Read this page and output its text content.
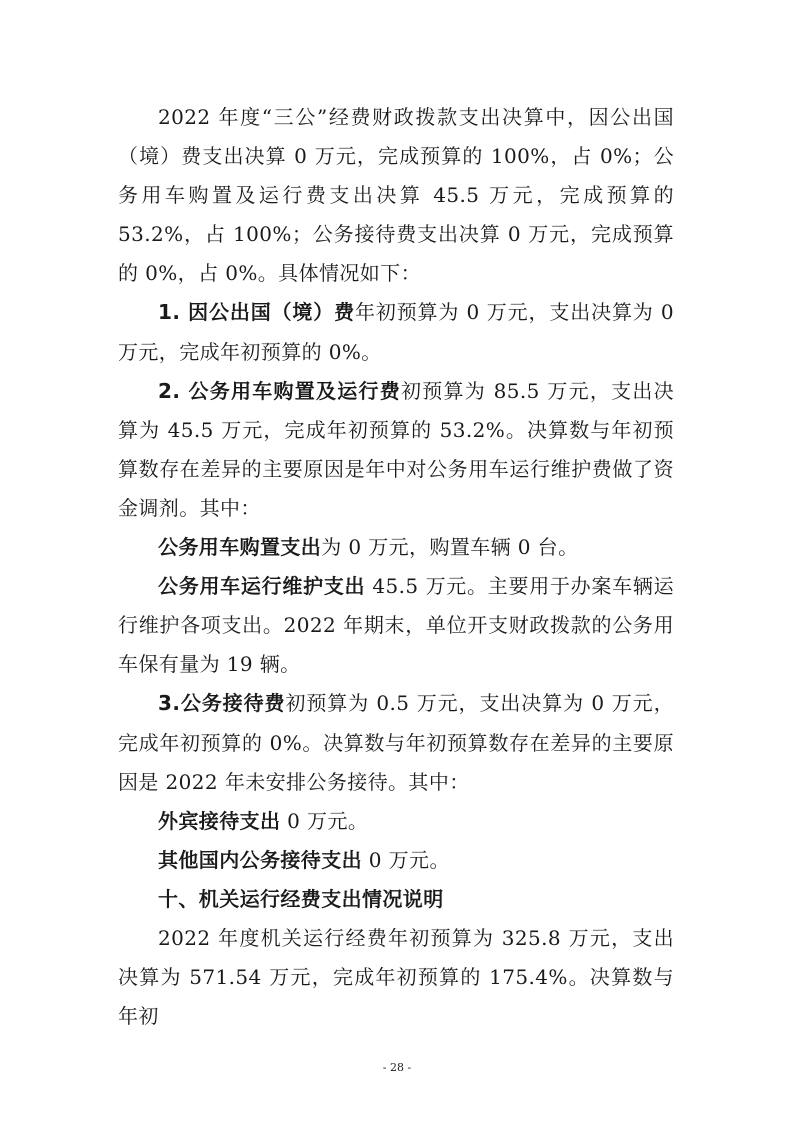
2022 年度“三公”经费财政拨款支出决算中，因公出国（境）费支出决算 0 万元，完成预算的 100%，占 0%；公务用车购置及运行费支出决算 45.5 万元，完成预算的 53.2%，占 100%；公务接待费支出决算 0 万元，完成预算的 0%，占 0%。具体情况如下：

1. 因公出国（境）费年初预算为 0 万元，支出决算为 0 万元，完成年初预算的 0%。

2. 公务用车购置及运行费初预算为 85.5 万元，支出决算为 45.5 万元，完成年初预算的 53.2%。决算数与年初预算数存在差异的主要原因是年中对公务用车运行维护费做了资金调剂。其中：

公务用车购置支出为 0 万元，购置车辆 0 台。

公务用车运行维护支出 45.5 万元。主要用于办案车辆运行维护各项支出。2022 年期末，单位开支财政拨款的公务用车保有量为 19 辆。

3.公务接待费初预算为 0.5 万元，支出决算为 0 万元，完成年初预算的 0%。决算数与年初预算数存在差异的主要原因是 2022 年未安排公务接待。其中：

外宾接待支出 0 万元。

其他国内公务接待支出 0 万元。

十、机关运行经费支出情况说明

2022 年度机关运行经费年初预算为 325.8 万元，支出决算为 571.54 万元，完成年初预算的 175.4%。决算数与年初

- 28 -
